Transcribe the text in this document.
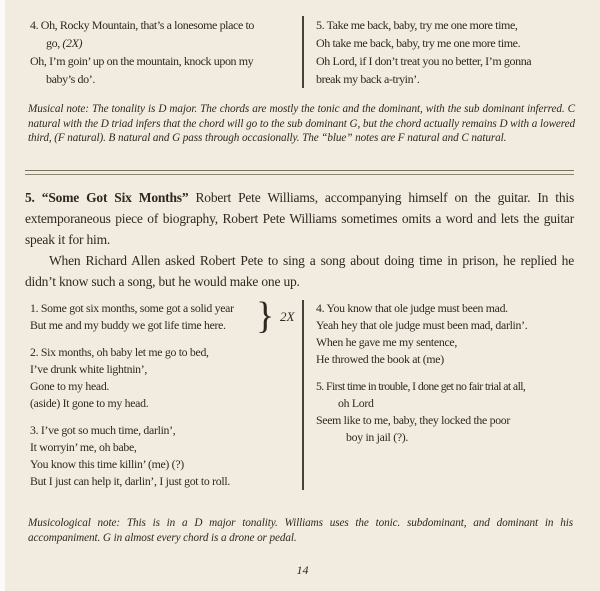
4. Oh, Rocky Mountain, that’s a lonesome place to
go, (2X)
Oh, I’m goin’ up on the mountain, knock upon my
baby’s do’.
5. Take me back, baby, try me one more time,
Oh take me back, baby, try me one more time.
Oh Lord, if I don’t treat you no better, I’m gonna
break my back a-tryin’.
Musical note: The tonality is D major. The chords are mostly the tonic and the dominant, with the sub dominant inferred. C natural with the D triad infers that the chord will go to the sub dominant G, but the chord actually remains D with a lowered third, (F natural). B natural and G pass through occasionally. The “blue” notes are F natural and C natural.
5. “Some Got Six Months” Robert Pete Williams, accompanying himself on the guitar. In this extemporaneous piece of biography, Robert Pete Williams sometimes omits a word and lets the guitar speak it for him.
When Richard Allen asked Robert Pete to sing a song about doing time in prison, he replied he didn’t know such a song, but he would make one up.
1. Some got six months, some got a solid year
But me and my buddy we got life time here. } 2X
2. Six months, oh baby let me go to bed,
I’ve drunk white lightnin’,
Gone to my head.
(aside) It gone to my head.
3. I’ve got so much time, darlin’,
It worryin’ me, oh babe,
You know this time killin’ (me) (?)
But I just can help it, darlin’, I just got to roll.
4. You know that ole judge must been mad.
Yeah hey that ole judge must been mad, darlin’.
When he gave me my sentence,
He throwed the book at (me)
5. First time in trouble, I done get no fair trial at all,
oh Lord
Seem like to me, baby, they locked the poor
boy in jail (?).
Musicological note: This is in a D major tonality. Williams uses the tonic. subdominant, and dominant in his accompaniment. G in almost every chord is a drone or pedal.
14
